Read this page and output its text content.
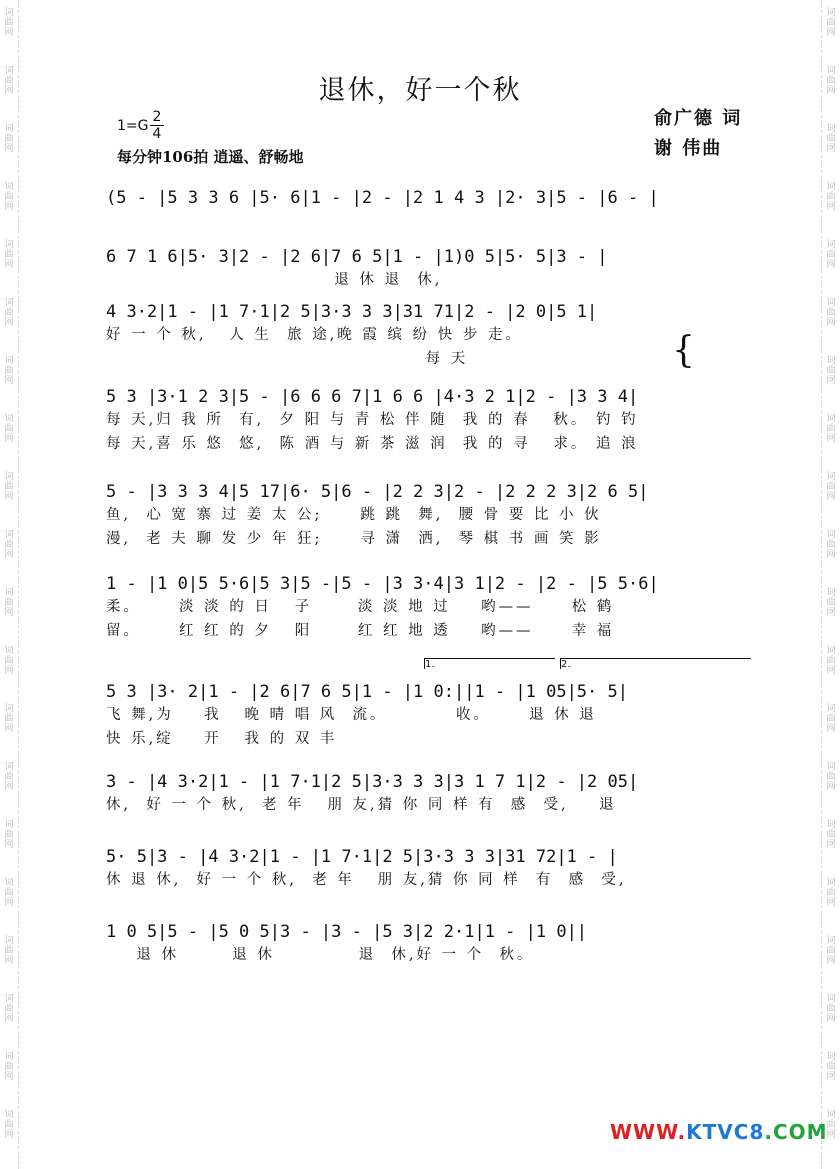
词曲网
词曲网
词曲网
词曲网
词曲网
词曲网
词曲网
词曲网
词曲网
词曲网
词曲网
词曲网
词曲网
词曲网
词曲网
词曲网
词曲网
词曲网
词曲网
词曲网
词曲网
词曲网
词曲网
词曲网
词曲网
词曲网
词曲网
词曲网
词曲网
词曲网
词曲网
词曲网
词曲网
词曲网
词曲网
词曲网
词曲网
词曲网
词曲网
词曲网
退休，好一个秋
俞广德 词
谢 伟曲
1=G
2
4
每分钟106拍 逍遥、舒畅地
(5 - |5 3 3 6 |5· 6|1 - |2 - |2 1 4 3 |2· 3|5 - |6 - |
6 7 1 6|5· 3|2 - |2 6|7 6 5|1 - |1)0 5|5· 5|3 - |
退 休 退  休,
4 3·2|1 - |1 7·1|2 5|3·3 3 3|31 71|2 - |2 0|5 1|
好 一 个 秋,   人 生  旅 途,晚 霞 缤 纷 快 步 走。
每 天
5 3 |3·1 2 3|5 - |6 6 6 7|1 6 6 |4·3 2 1|2 - |3 3 4|
每 天,归 我 所  有,  夕 阳 与 青 松 伴 随  我 的 春   秋。 钓 钓
每 天,喜 乐 悠  悠,  陈 酒 与 新 茶 滋 润  我 的 寻   求。 追 浪
5 - |3 3 3 4|5 17|6· 5|6 - |2 2 3|2 - |2 2 2 3|2 6 5|
鱼,  心 宽 寨 过 姜 太 公;     跳 跳  舞,  腰 骨 要 比 小 伙
漫,  老 夫 聊 发 少 年 狂;     寻 潇  洒,  琴 棋 书 画 笑 影
1 - |1 0|5 5·6|5 3|5 -|5 - |3 3·4|3 1|2 - |2 - |5 5·6|
柔。     淡 淡 的 日   子      淡 淡 地 过    哟——     松 鹤
留。     红 红 的 夕   阳      红 红 地 透    哟——     幸 福
5 3 |3· 2|1 - |2 6|7 6 5|1 - |1 0:||1 - |1 05|5· 5|
飞 舞,为    我   晚 晴 唱 风  流。         收。     退 休 退
快 乐,绽    开   我 的 双 丰
3 - |4 3·2|1 - |1 7·1|2 5|3·3 3 3|3 1 7 1|2 - |2 05|
休,  好 一 个 秋,  老 年   朋 友,猜 你 同 样 有  感  受,    退
5· 5|3 - |4 3·2|1 - |1 7·1|2 5|3·3 3 3|31 72|1 - |
休 退 休,  好 一 个 秋,  老 年   朋 友,猜 你 同 样  有  感  受,
1 0 5|5 - |5 0 5|3 - |3 - |5 3|2 2·1|1 - |1 0||
退 休       退 休           退  休,好 一 个  秋。
{
1.	2.
WWW.KTVC8.COM
